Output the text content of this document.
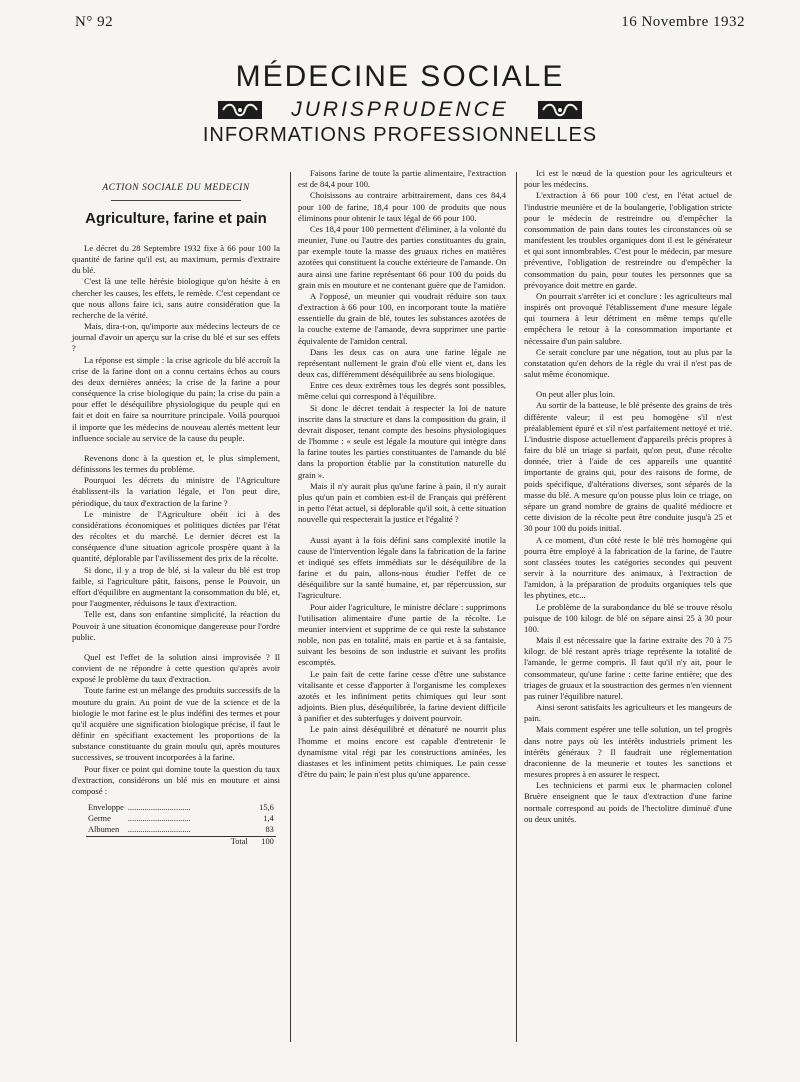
N° 92	16 Novembre 1932
MÉDECINE SOCIALE
JURISPRUDENCE
INFORMATIONS PROFESSIONNELLES
ACTION SOCIALE DU MEDECIN
Agriculture, farine et pain

Le décret du 28 Septembre 1932 fixe à 66 pour 100 la quantité de farine qu'il est, au maximum, permis d'extraire du blé.

C'est là une telle hérésie biologique qu'on hésite à en chercher les causes, les effets, le remède. C'est cependant ce que nous allons faire ici, sans autre considération que la recherche de la vérité.

Mais, dira-t-on, qu'importe aux médecins lecteurs de ce journal d'avoir un aperçu sur la crise du blé et sur ses effets ?

La réponse est simple : la crise agricole du blé accroît la crise de la farine dont on a connu certains échos au cours des deux dernières années; la crise de la farine a pour conséquence la crise biologique du pain; la crise du pain a pour effet le déséquilibre physiologique du peuple qui en fait et doit en faire sa nourriture principale. Voilà pourquoi il importe que les médecins de nouveau alertés mettent leur influence sociale au service de la cause du peuple.

Revenons donc à la question et, le plus simplement, définissons les termes du problème.

Pourquoi les décrets du ministre de l'Agriculture établissent-ils la variation légale, et l'on peut dire, périodique, du taux d'extraction de la farine ?

Le ministre de l'Agriculture obéit ici à des considérations économiques et politiques dictées par l'état des récoltes et du marché. Le dernier décret est la conséquence d'une situation agricole prospère quant à la quantité, déplorable par l'avilissement des prix de la récolte.

Si donc, il y a trop de blé, si la valeur du blé est trop faible, si l'agriculture pâtit, faisons, pense le Pouvoir, un effort d'équilibre en augmentant la consommation du blé, et, pour l'augmenter, réduisons le taux d'extraction.

Telle est, dans son enfantine simplicité, la réaction du Pouvoir à une situation économique dangereuse pour l'ordre public.

Quel est l'effet de la solution ainsi improvisée ? Il convient de ne répondre à cette question qu'après avoir exposé le problème du taux d'extraction.

Toute farine est un mélange des produits successifs de la mouture du grain. Au point de vue de la science et de la biologie le mot farine est le plus indéfini des termes et pour qu'il acquière une signification biologique précise, il faut le définir en spécifiant exactement les proportions de la substance constituante du grain moulu qui, après moutures successives, se trouvent incorporées à la farine.

Pour fixer ce point qui domine toute la question du taux d'extraction, considérons un blé mis en mouture et ainsi composé :

Enveloppe	..............................	15,6
Germe	..............................	1,4
Albumen	..............................	83
	Total	100

Faisons farine de toute la partie alimentaire, l'extraction est de 84,4 pour 100.

Choisissons au contraire arbitrairement, dans ces 84,4 pour 100 de farine, 18,4 pour 100 de produits que nous éliminons pour obtenir le taux légal de 66 pour 100.

Ces 18,4 pour 100 permettent d'éliminer, à la volonté du meunier, l'une ou l'autre des parties constituantes du grain, par exemple toute la masse des gruaux riches en matières azotées qui constituent la couche extérieure de l'amande. On aura ainsi une farine représentant 66 pour 100 du poids du grain mis en mouture et ne contenant guère que de l'amidon.

A l'opposé, un meunier qui voudrait réduire son taux d'extraction à 66 pour 100, en incorporant toute la matière essentielle du grain de blé, toutes les substances azotées de la couche externe de l'amande, devra supprimer une partie équivalente de l'amidon central.

Dans les deux cas on aura une farine légale ne représentant nullement le grain d'où elle vient et, dans les deux cas, différemment déséquilibrée au sens biologique.

Entre ces deux extrêmes tous les degrés sont possibles, même celui qui correspond à l'équilibre.

Si donc le décret tendait à respecter la loi de nature inscrite dans la structure et dans la composition du grain, il devrait disposer, tenant compte des besoins physiologiques de l'homme : « seule est légale la mouture qui intègre dans la farine toutes les parties constituantes de l'amande du blé dans la proportion établie par la constitution naturelle du grain ».

Mais il n'y aurait plus qu'une farine à pain, il n'y aurait plus qu'un pain et combien est-il de Français qui préfèrent in petto l'état actuel, si déplorable qu'il soit, à cette situation nouvelle qui respecterait la justice et l'égalité ?

Aussi ayant à la fois défini sans complexité inutile la cause de l'intervention légale dans la fabrication de la farine et indiqué ses effets immédiats sur le déséquilibre de la farine et du pain, allons-nous étudier l'effet de ce déséquilibre sur la santé humaine, et, par répercussion, sur l'agriculture.

Pour aider l'agriculture, le ministre déclare : supprimons l'utilisation alimentaire d'une partie de la récolte. Le meunier intervient et supprime de ce qui reste la substance noble, non pas en totalité, mais en partie et à sa fantaisie, suivant les besoins de son industrie et suivant les profits escomptés.

Le pain fait de cette farine cesse d'être une substance vitalisante et cesse d'apporter à l'organisme les complexes azotés et les infiniment petits chimiques qui leur sont adjoints. Bien plus, déséquilibrée, la farine devient difficile à panifier et des subterfuges y doivent pourvoir.

Le pain ainsi déséquilibré et dénaturé ne nourrit plus l'homme et moins encore est capable d'entretenir le dynamisme vital régi par les constructions aminées, les diastases et les infiniment petits chimiques. Le pain cesse d'être du pain; le pain n'est plus qu'une apparence.

Ici est le nœud de la question pour les agriculteurs et pour les médecins.

L'extraction à 66 pour 100 c'est, en l'état actuel de l'industrie meunière et de la boulangerie, l'obligation stricte pour le médecin de restreindre ou d'empêcher la consommation de pain dans toutes les circonstances où se manifestent les troubles organiques dont il est le générateur et qui sont innombrables. C'est pour le médecin, par mesure préventive, l'obligation de restreindre ou d'empêcher la consommation du pain, pour toutes les personnes que sa prévoyance doit mettre en garde.

On pourrait s'arrêter ici et conclure : les agriculteurs mal inspirés ont provoqué l'établissement d'une mesure légale qui tournera à leur détriment en même temps qu'elle empêchera le retour à la consommation importante et nécessaire d'un pain salubre.

Ce serait conclure par une négation, tout au plus par la constatation qu'en dehors de la règle du vrai il n'est pas de salut même économique.

On peut aller plus loin.

Au sortir de la batteuse, le blé présente des grains de très différente valeur; il est peu homogène s'il n'est préalablement épuré et s'il n'est parfaitement nettoyé et trié. L'industrie dispose actuellement d'appareils précis propres à faire du blé un triage si parfait, qu'on peut, d'une récolte donnée, trier à l'aide de ces appareils une quantité importante de grains qui, pour des raisons de forme, de poids spécifique, d'altérations diverses, sont séparés de la masse du blé. A mesure qu'on pousse plus loin ce triage, on sépare un grand nombre de grains de qualité médiocre et cette division de la récolte peut être conduite jusqu'à 25 et 30 pour 100 du poids initial.

A ce moment, d'un côté reste le blé très homogène qui pourra être employé à la fabrication de la farine, de l'autre sont classées toutes les catégories secondes qui peuvent servir à la nourriture des animaux, à l'extraction de l'amidon, à la préparation de produits organiques tels que les phytines, etc...

Le problème de la surabondance du blé se trouve résolu puisque de 100 kilogr. de blé on sépare ainsi 25 à 30 pour 100.

Mais il est nécessaire que la farine extraite des 70 à 75 kilogr. de blé restant après triage représente la totalité de l'amande, le germe compris. Il faut qu'il n'y ait, pour le consommateur, qu'une farine : cette farine entière; que des triages de gruaux et la soustraction des germes n'en viennent pas ruiner l'équilibre naturel.

Ainsi seront satisfaits les agriculteurs et les mangeurs de pain.

Mais comment espérer une telle solution, un tel progrès dans notre pays où les intérêts industriels priment les intérêts généraux ? Il faudrait une réglementation draconienne de la meunerie et toutes les sanctions et mesures propres à en assurer le respect.

Les techniciens et parmi eux le pharmacien colonel Bruère enseignent que le taux d'extraction d'une farine normale correspond au poids de l'hectolitre diminué d'une ou deux unités.
